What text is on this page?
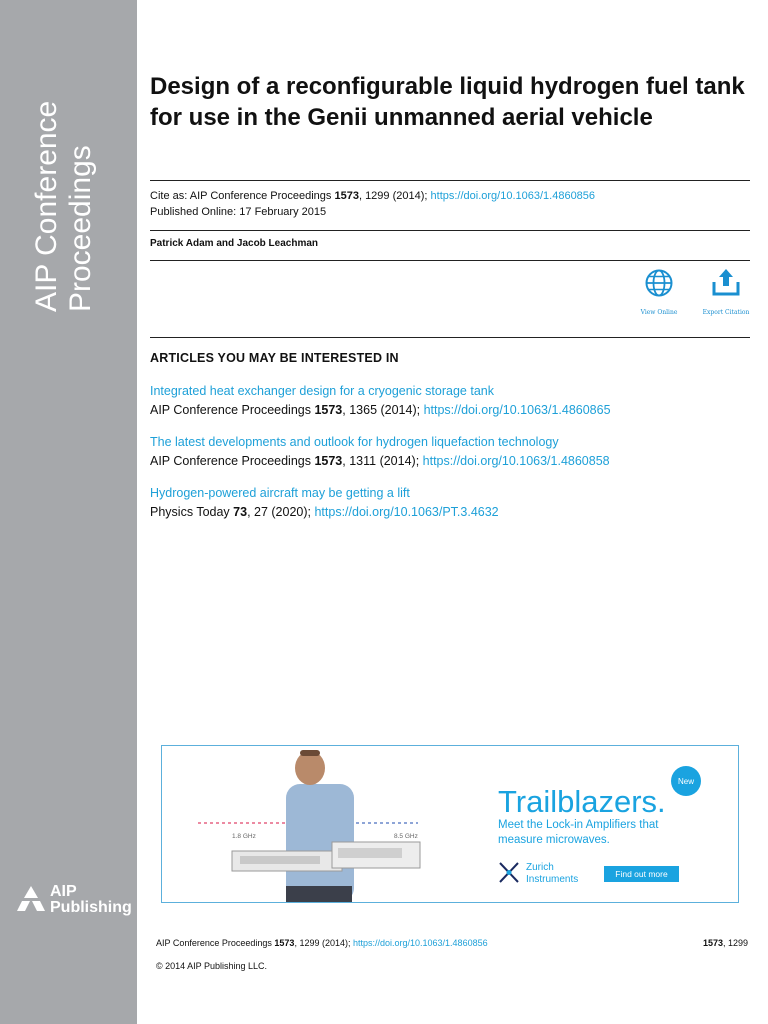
AIP Conference Proceedings
AIP
Publishing
Design of a reconfigurable liquid hydrogen fuel tank for use in the Genii unmanned aerial vehicle
Cite as: AIP Conference Proceedings 1573, 1299 (2014); https://doi.org/10.1063/1.4860856
Published Online: 17 February 2015
Patrick Adam and Jacob Leachman
View Online	Export Citation
ARTICLES YOU MAY BE INTERESTED IN
Integrated heat exchanger design for a cryogenic storage tank
AIP Conference Proceedings 1573, 1365 (2014); https://doi.org/10.1063/1.4860865
The latest developments and outlook for hydrogen liquefaction technology
AIP Conference Proceedings 1573, 1311 (2014); https://doi.org/10.1063/1.4860858
Hydrogen-powered aircraft may be getting a lift
Physics Today 73, 27 (2020); https://doi.org/10.1063/PT.3.4632
1.8 GHz	8.5 GHz
New
Trailblazers.
Meet the Lock-in Amplifiers that
measure microwaves.
Zurich
Instruments	Find out more
AIP Conference Proceedings 1573, 1299 (2014); https://doi.org/10.1063/1.4860856	1573, 1299
© 2014 AIP Publishing LLC.
